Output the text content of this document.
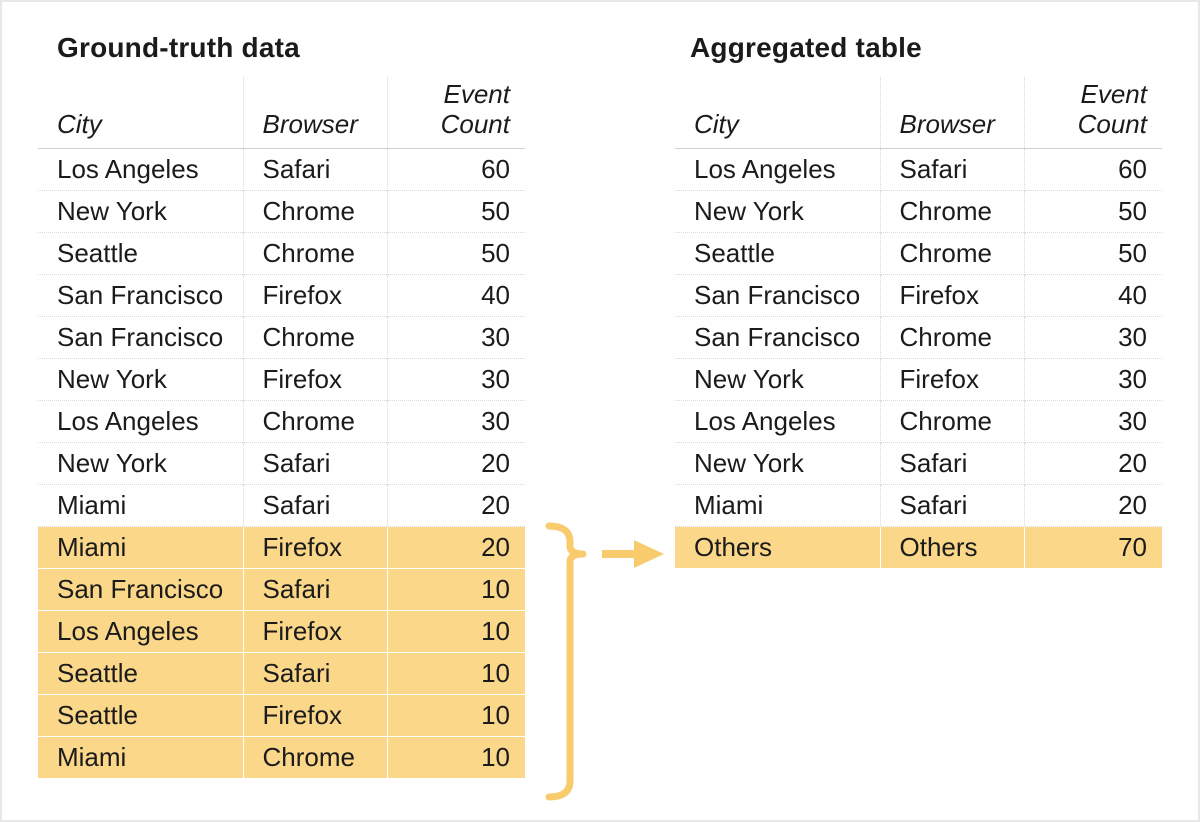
Ground-truth data	Aggregated table
City	Browser	Event Count
Los Angeles	Safari	60
New York	Chrome	50
Seattle	Chrome	50
San Francisco	Firefox	40
San Francisco	Chrome	30
New York	Firefox	30
Los Angeles	Chrome	30
New York	Safari	20
Miami	Safari	20
Miami	Firefox	20
San Francisco	Safari	10
Los Angeles	Firefox	10
Seattle	Safari	10
Seattle	Firefox	10
Miami	Chrome	10
City	Browser	Event Count
Los Angeles	Safari	60
New York	Chrome	50
Seattle	Chrome	50
San Francisco	Firefox	40
San Francisco	Chrome	30
New York	Firefox	30
Los Angeles	Chrome	30
New York	Safari	20
Miami	Safari	20
Others	Others	70
